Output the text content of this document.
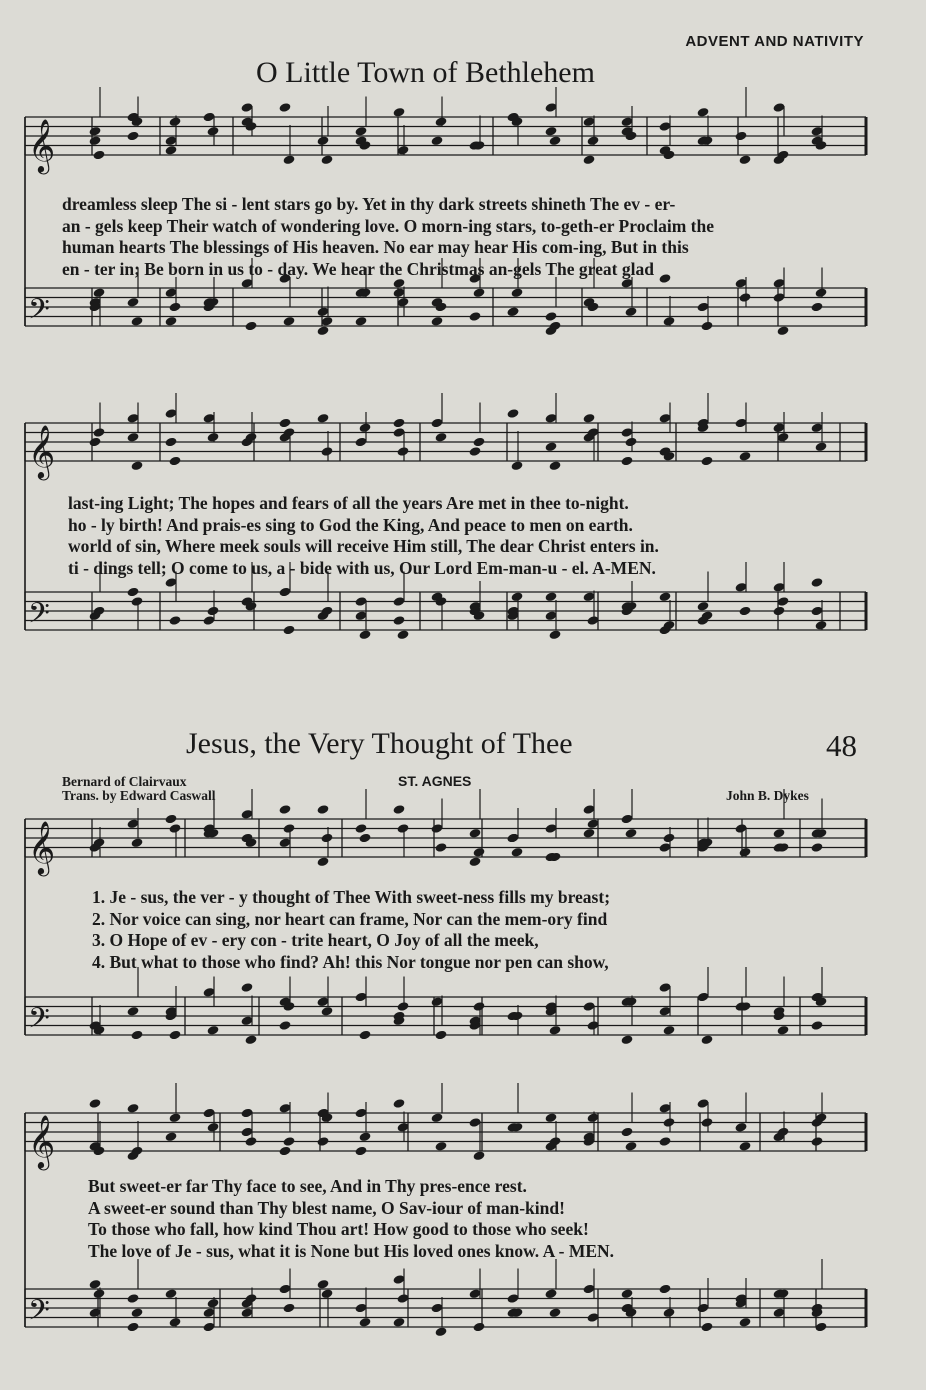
ADVENT AND NATIVITY
O Little Town of Bethlehem
𝄞
𝄢
𝄞
𝄢
𝄞
𝄢
𝄞
𝄢
dreamless sleep The si - lent stars go by. Yet in thy dark streets shineth The ev - er-
an - gels keep Their watch of wondering love. O morn-ing stars, to-geth-er Proclaim the
human hearts The blessings of His heaven. No ear may hear His com-ing, But in this
en - ter in; Be born in us to - day. We hear the Christmas an-gels The great glad
last-ing Light; The hopes and fears of all the years Are met in thee to-night.
ho - ly birth! And prais-es sing to God the King, And peace to men on earth.
world of sin, Where meek souls will receive Him still, The dear Christ enters in.
ti - dings tell; O come to us, a - bide with us, Our Lord Em-man-u - el. A-MEN.
Jesus, the Very Thought of Thee	48
Bernard of Clairvaux
Trans. by Edward Caswall
ST. AGNES
John B. Dykes
1. Je - sus, the ver - y thought of Thee With sweet-ness fills my breast;
2. Nor voice can sing, nor heart can frame, Nor can the mem-ory find
3. O Hope of ev - ery con - trite heart, O Joy of all the meek,
4. But what to those who find? Ah! this Nor tongue nor pen can show,
But sweet-er far Thy face to see, And in Thy pres-ence rest.
A sweet-er sound than Thy blest name, O Sav-iour of man-kind!
To those who fall, how kind Thou art! How good to those who seek!
The love of Je - sus, what it is None but His loved ones know. A - MEN.
